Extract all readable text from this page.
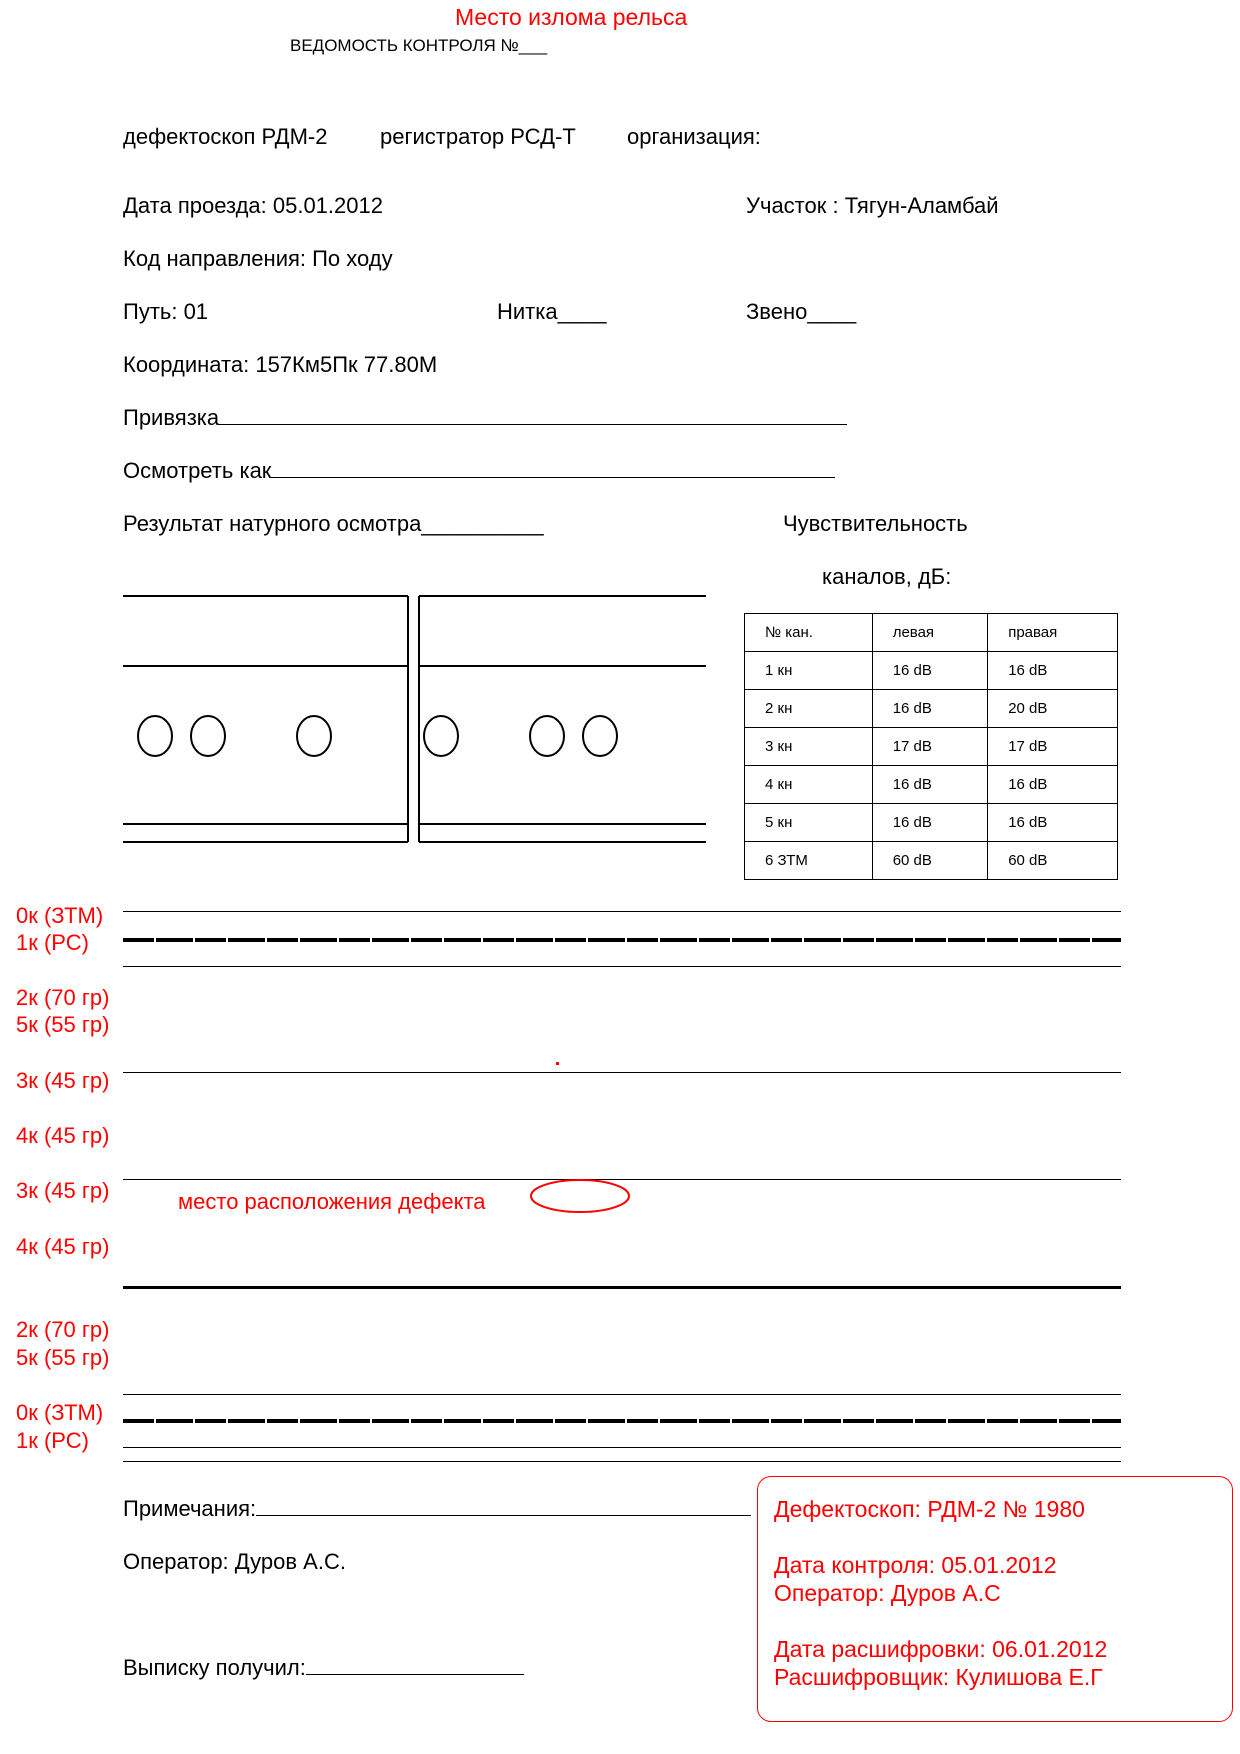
Место излома рельса
ВЕДОМОСТЬ КОНТРОЛЯ №___
дефектоскоп РДМ-2 регистратор РСД-Т организация:
Дата проезда: 05.01.2012	Участок : Тягун-Аламбай
Код направления: По ходу
Путь: 01	Нитка____	Звено____
Координата: 157Км5Пк 77.80М
Привязка
Осмотреть как
Результат натурного осмотра__________	Чувствительность
каналов, дБ:
№ кан.	левая	правая
1 кн	16 dB	16 dB
2 кн	16 dB	20 dB
3 кн	17 dB	17 dB
4 кн	16 dB	16 dB
5 кн	16 dB	16 dB
6 ЗТМ	60 dB	60 dB
место расположения дефекта
0к (ЗТМ)
1к (РС)
2к (70 гр)
5к (55 гр)
3к (45 гр)
4к (45 гр)
3к (45 гр)
4к (45 гр)
2к (70 гр)
5к (55 гр)
0к (ЗТМ)
1к (РС)
Примечания:
Оператор: Дуров А.С.
Выписку получил:
Дефектоскоп: РДМ-2 № 1980
Дата контроля: 05.01.2012
Оператор: Дуров А.С
Дата расшифровки: 06.01.2012
Расшифровщик: Кулишова Е.Г
